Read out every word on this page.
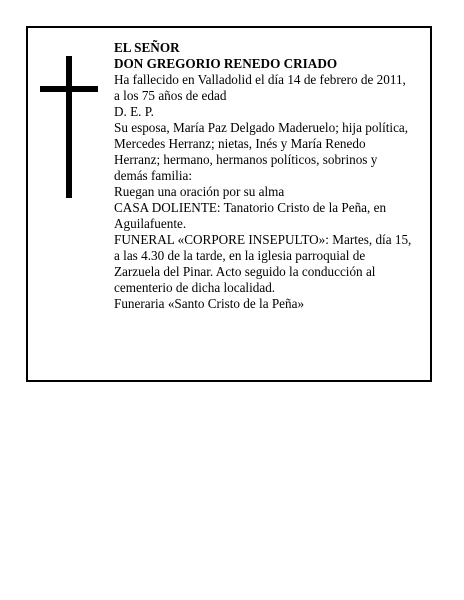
EL SEÑOR

DON GREGORIO RENEDO CRIADO

Ha fallecido en Valladolid el día 14 de febrero de 2011,

a los 75 años de edad

D. E. P.

Su esposa, María Paz Delgado Maderuelo; hija política,

Mercedes Herranz; nietas, Inés y María Renedo

Herranz; hermano, hermanos políticos, sobrinos y

demás familia:

Ruegan una oración por su alma

CASA DOLIENTE: Tanatorio Cristo de la Peña, en

Aguilafuente.

FUNERAL «CORPORE INSEPULTO»: Martes, día 15,

a las 4.30 de la tarde, en la iglesia parroquial de

Zarzuela del Pinar. Acto seguido la conducción al

cementerio de dicha localidad.

Funeraria «Santo Cristo de la Peña»
